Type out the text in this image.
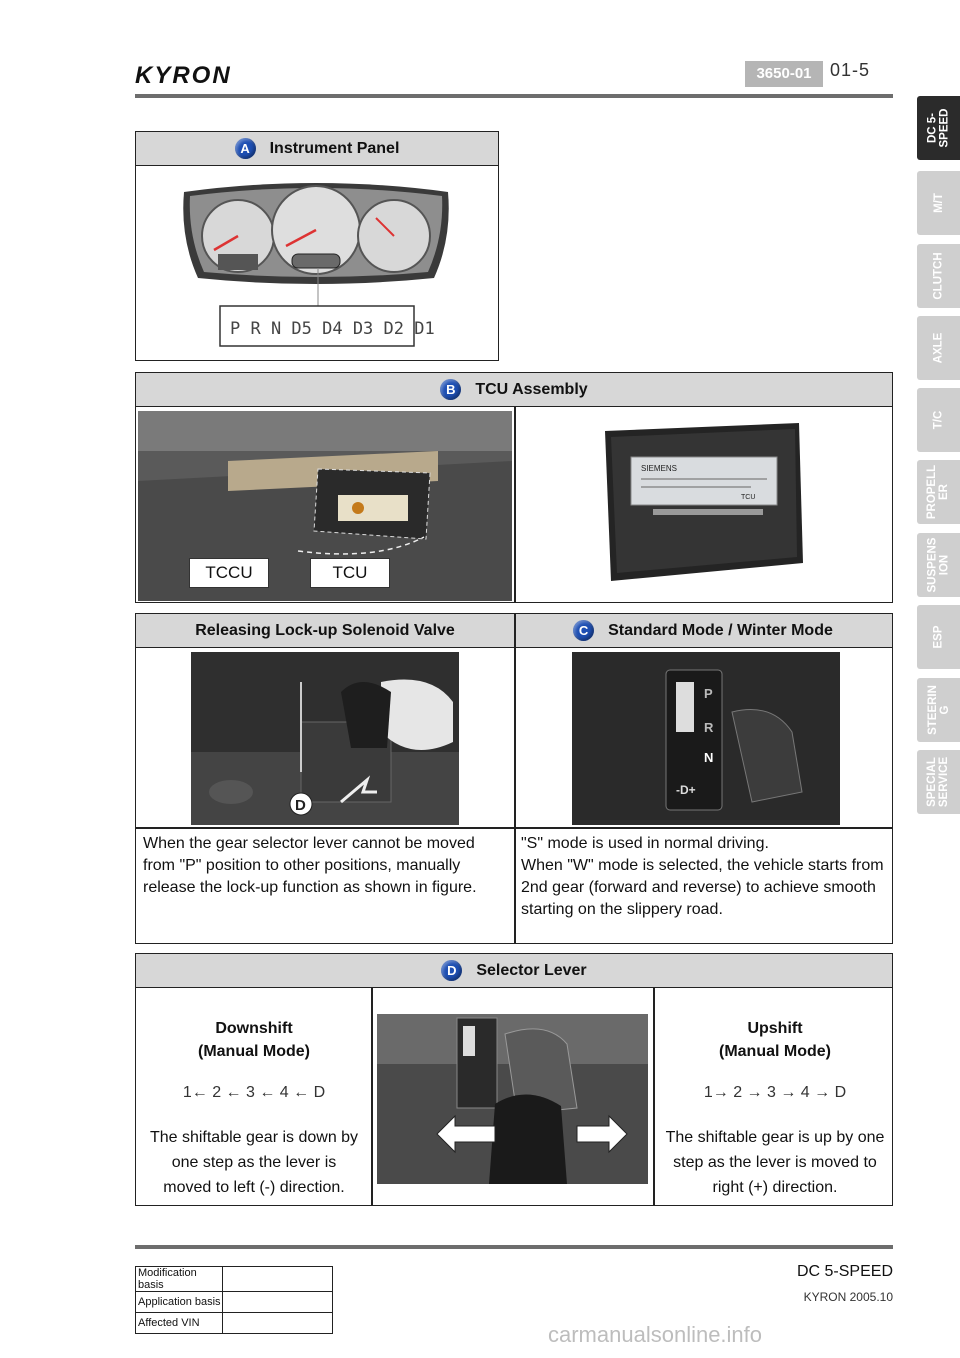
KYRON	3650-01	01-5
DC 5-
SPEED
M/T
CLUTCH
AXLE
T/C
PROPELL
ER
SUSPENS
ION
ESP
STEERIN
G
SPECIAL
SERVICE
A	Instrument Panel
P R N D5 D4 D3 D2 D1
B	TCU Assembly
TCCU	TCU
SIEMENS
TCU
Releasing Lock-up Solenoid Valve	C	Standard Mode / Winter Mode
D
P
R
N
-D+
When the gear selector lever cannot be moved from "P" position to other positions, manually release the lock-up function as shown in figure.
"S" mode is used in normal driving.
When "W" mode is selected, the vehicle starts from 2nd gear (forward and reverse) to achieve smooth starting on the slippery road.
D	Selector Lever
Downshift
(Manual Mode)
1← 2 ← 3 ← 4 ← D
The shiftable gear is down by one step as the lever is moved to left (-) direction.
Upshift
(Manual Mode)
1→ 2 → 3 → 4 → D
The shiftable gear is up by one step as the lever is moved to right (+) direction.
Modification basis	
Application basis	
Affected VIN	
DC 5-SPEED
KYRON 2005.10
carmanualsonline.info
